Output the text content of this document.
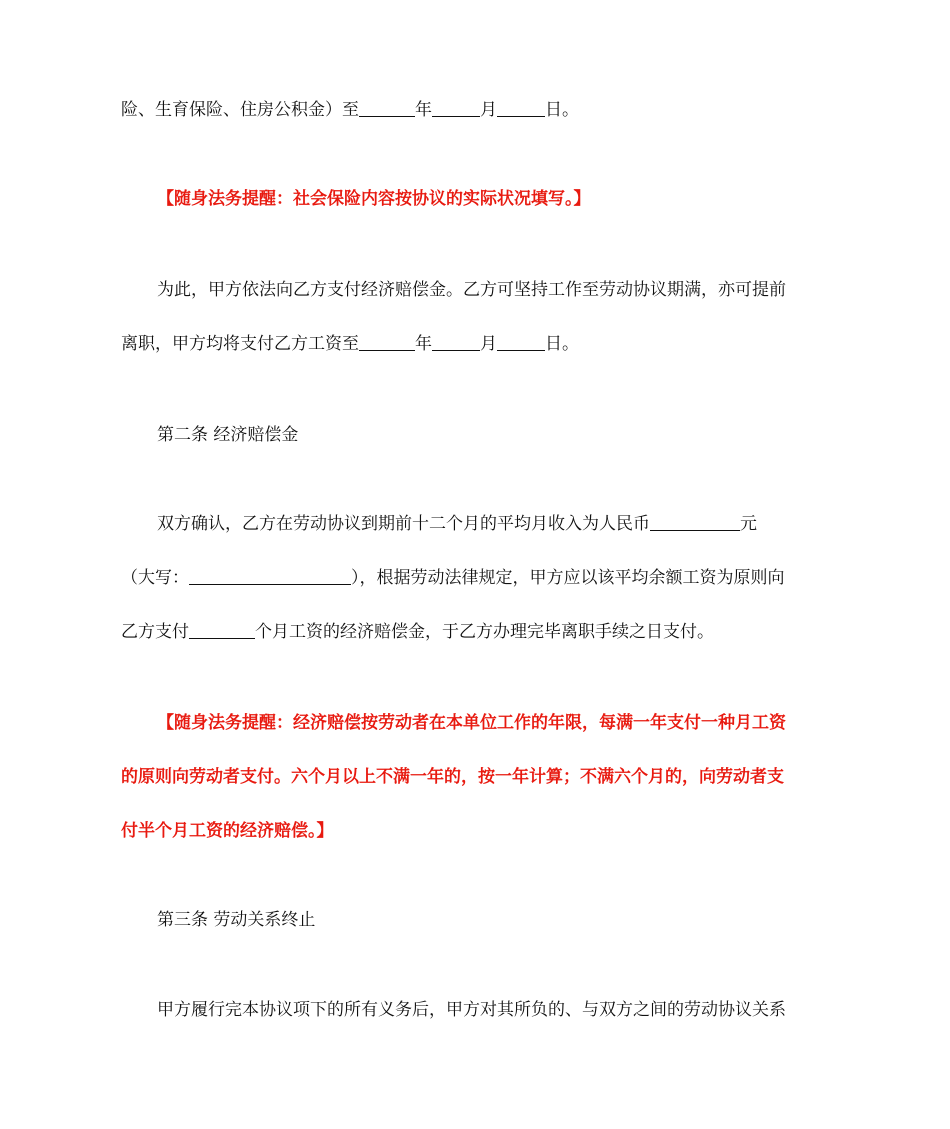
险、生育保险、住房公积金）至	年	月	日。
【随身法务提醒：社会保险内容按协议的实际状况填写。】
为此，甲方依法向乙方支付经济赔偿金。乙方可坚持工作至劳动协议期满，亦可提前
离职，甲方均将支付乙方工资至	年	月	日。
第二条 经济赔偿金
双方确认，乙方在劳动协议到期前十二个月的平均月收入为人民币	元
（大写：	），根据劳动法律规定，甲方应以该平均余额工资为原则向
乙方支付	个月工资的经济赔偿金，于乙方办理完毕离职手续之日支付。
【随身法务提醒：经济赔偿按劳动者在本单位工作的年限，每满一年支付一种月工资
的原则向劳动者支付。六个月以上不满一年的，按一年计算；不满六个月的，向劳动者支
付半个月工资的经济赔偿。】
第三条 劳动关系终止
甲方履行完本协议项下的所有义务后，甲方对其所负的、与双方之间的劳动协议关系
